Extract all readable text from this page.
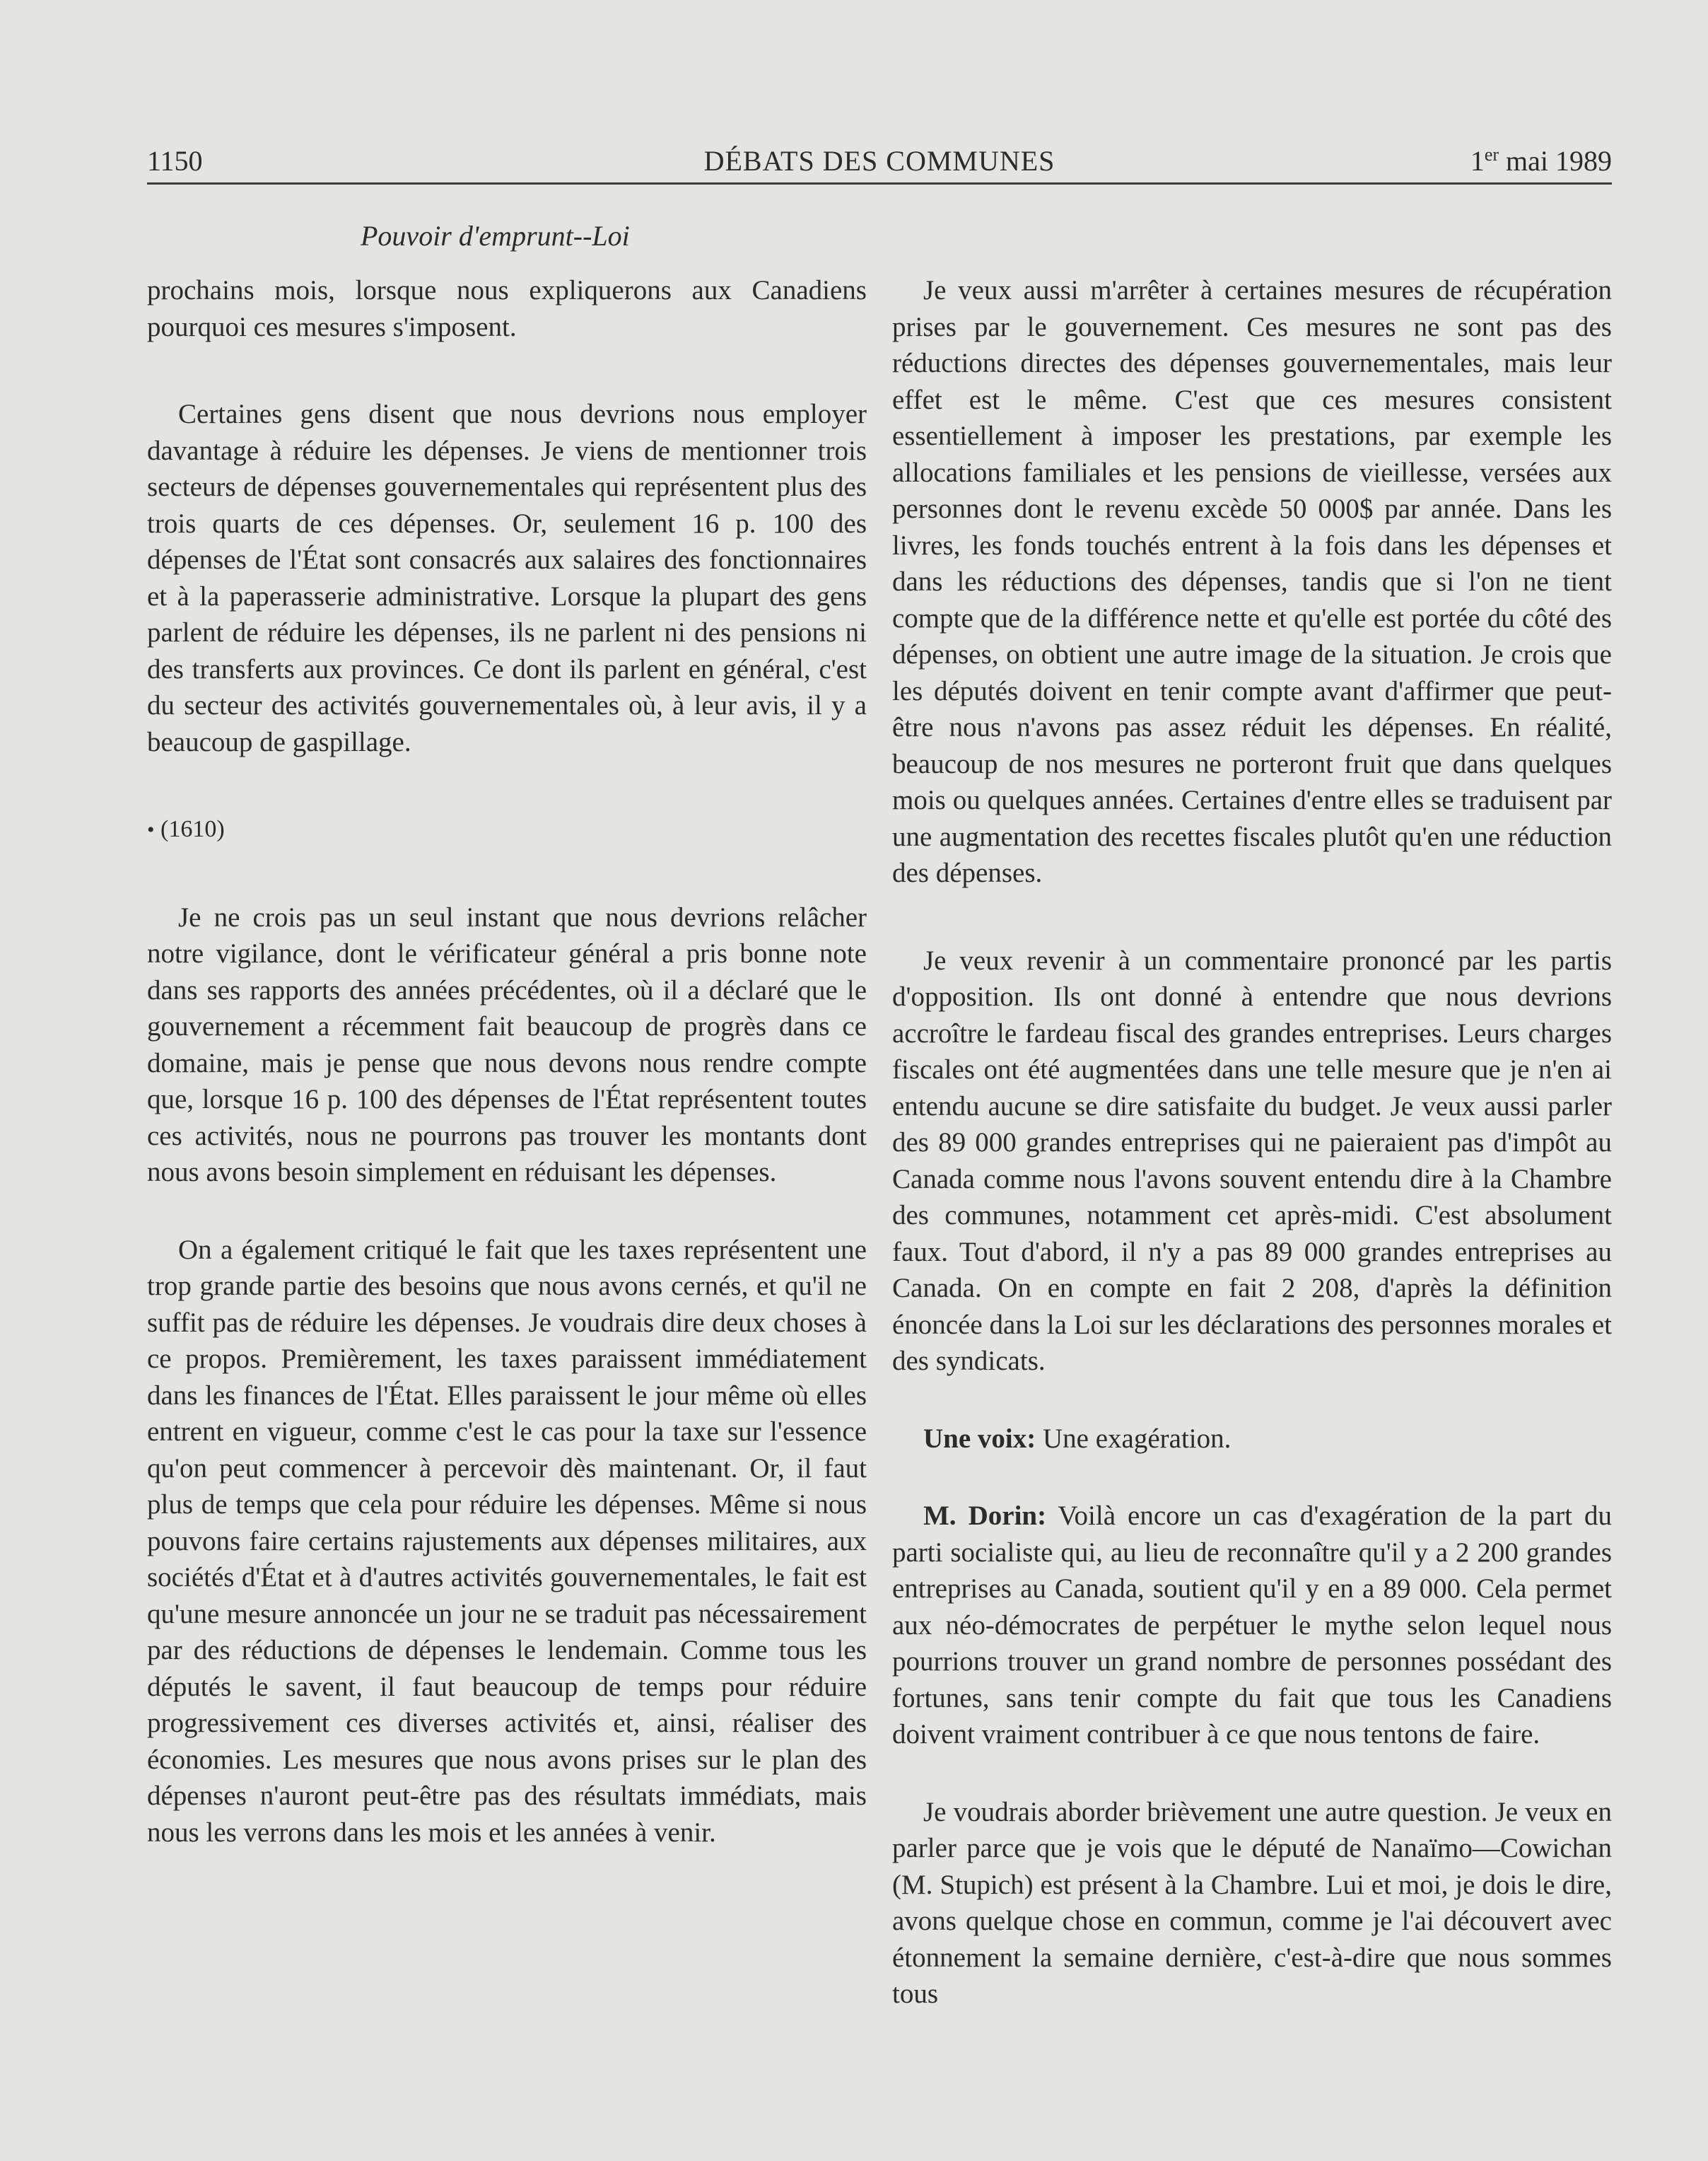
1150	DÉBATS DES COMMUNES	1er mai 1989
Pouvoir d'emprunt--Loi

prochains mois, lorsque nous expliquerons aux Canadiens pourquoi ces mesures s'imposent.

Certaines gens disent que nous devrions nous employer davantage à réduire les dépenses. Je viens de mentionner trois secteurs de dépenses gouvernementales qui représentent plus des trois quarts de ces dépenses. Or, seulement 16 p. 100 des dépenses de l'État sont consacrés aux salaires des fonctionnaires et à la paperasserie administrative. Lorsque la plupart des gens parlent de réduire les dépenses, ils ne parlent ni des pensions ni des transferts aux provinces. Ce dont ils parlent en général, c'est du secteur des activités gouvernementales où, à leur avis, il y a beaucoup de gaspillage.

• (1610)

Je ne crois pas un seul instant que nous devrions relâcher notre vigilance, dont le vérificateur général a pris bonne note dans ses rapports des années précédentes, où il a déclaré que le gouvernement a récemment fait beaucoup de progrès dans ce domaine, mais je pense que nous devons nous rendre compte que, lorsque 16 p. 100 des dépenses de l'État représentent toutes ces activités, nous ne pourrons pas trouver les montants dont nous avons besoin simplement en réduisant les dépenses.

On a également critiqué le fait que les taxes représentent une trop grande partie des besoins que nous avons cernés, et qu'il ne suffit pas de réduire les dépenses. Je voudrais dire deux choses à ce propos. Premièrement, les taxes paraissent immédiatement dans les finances de l'État. Elles paraissent le jour même où elles entrent en vigueur, comme c'est le cas pour la taxe sur l'essence qu'on peut commencer à percevoir dès maintenant. Or, il faut plus de temps que cela pour réduire les dépenses. Même si nous pouvons faire certains rajustements aux dépenses militaires, aux sociétés d'État et à d'autres activités gouvernementales, le fait est qu'une mesure annoncée un jour ne se traduit pas nécessairement par des réductions de dépenses le lendemain. Comme tous les députés le savent, il faut beaucoup de temps pour réduire progressivement ces diverses activités et, ainsi, réaliser des économies. Les mesures que nous avons prises sur le plan des dépenses n'auront peut-être pas des résultats immédiats, mais nous les verrons dans les mois et les années à venir.

Je veux aussi m'arrêter à certaines mesures de récupération prises par le gouvernement. Ces mesures ne sont pas des réductions directes des dépenses gouvernementales, mais leur effet est le même. C'est que ces mesures consistent essentiellement à imposer les prestations, par exemple les allocations familiales et les pensions de vieillesse, versées aux personnes dont le revenu excède 50 000$ par année. Dans les livres, les fonds touchés entrent à la fois dans les dépenses et dans les réductions des dépenses, tandis que si l'on ne tient compte que de la différence nette et qu'elle est portée du côté des dépenses, on obtient une autre image de la situation. Je crois que les députés doivent en tenir compte avant d'affirmer que peut-être nous n'avons pas assez réduit les dépenses. En réalité, beaucoup de nos mesures ne porteront fruit que dans quelques mois ou quelques années. Certaines d'entre elles se traduisent par une augmentation des recettes fiscales plutôt qu'en une réduction des dépenses.

Je veux revenir à un commentaire prononcé par les partis d'opposition. Ils ont donné à entendre que nous devrions accroître le fardeau fiscal des grandes entreprises. Leurs charges fiscales ont été augmentées dans une telle mesure que je n'en ai entendu aucune se dire satisfaite du budget. Je veux aussi parler des 89 000 grandes entreprises qui ne paieraient pas d'impôt au Canada comme nous l'avons souvent entendu dire à la Chambre des communes, notamment cet après-midi. C'est absolument faux. Tout d'abord, il n'y a pas 89 000 grandes entreprises au Canada. On en compte en fait 2 208, d'après la définition énoncée dans la Loi sur les déclarations des personnes morales et des syndicats.

Une voix: Une exagération.

M. Dorin: Voilà encore un cas d'exagération de la part du parti socialiste qui, au lieu de reconnaître qu'il y a 2 200 grandes entreprises au Canada, soutient qu'il y en a 89 000. Cela permet aux néo-démocrates de perpétuer le mythe selon lequel nous pourrions trouver un grand nombre de personnes possédant des fortunes, sans tenir compte du fait que tous les Canadiens doivent vraiment contribuer à ce que nous tentons de faire.

Je voudrais aborder brièvement une autre question. Je veux en parler parce que je vois que le député de Nanaïmo—Cowichan (M. Stupich) est présent à la Chambre. Lui et moi, je dois le dire, avons quelque chose en commun, comme je l'ai découvert avec étonnement la semaine dernière, c'est-à-dire que nous sommes tous
